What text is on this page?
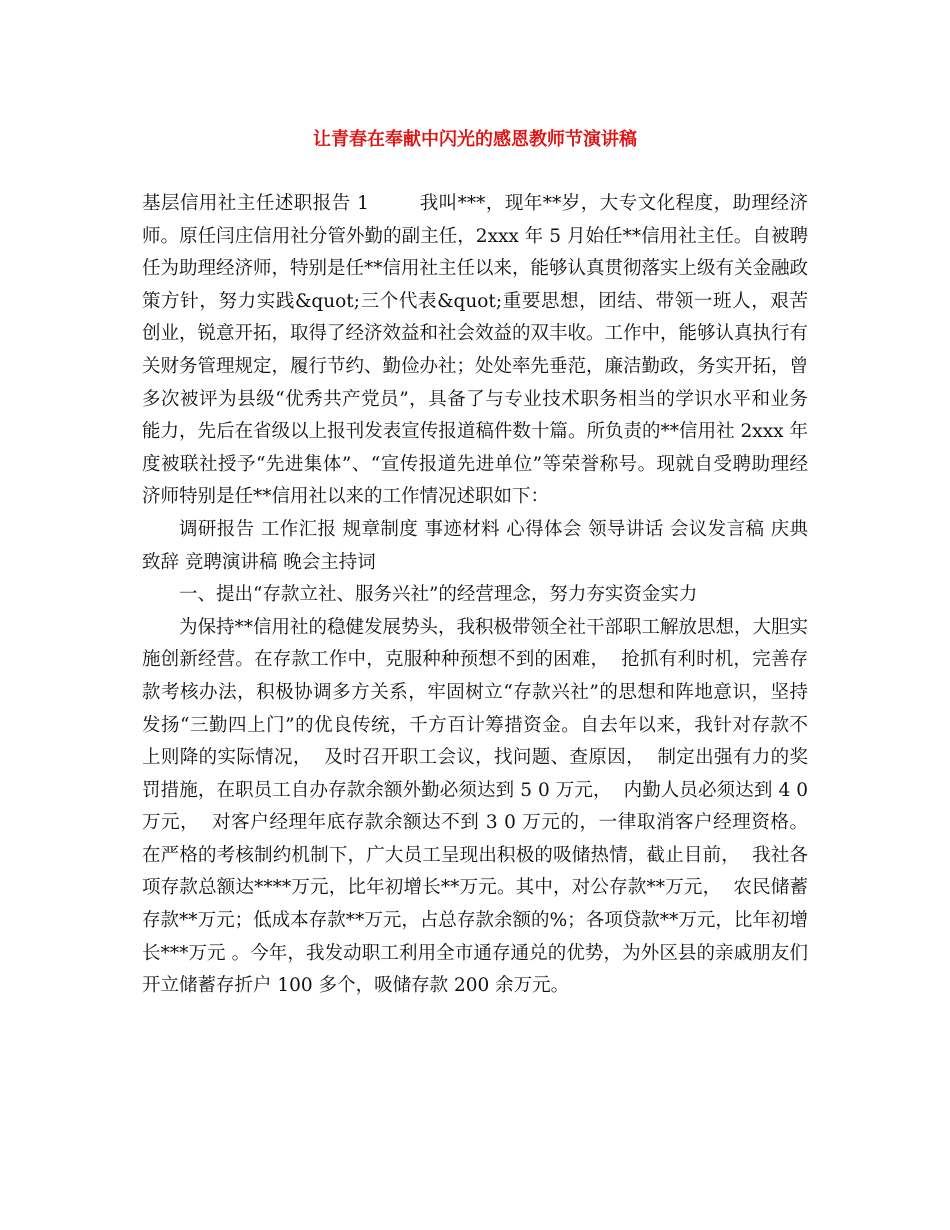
让青春在奉献中闪光的感恩教师节演讲稿

基层信用社主任述职报告 1        我叫***，现年**岁，大专文化程度，助理经济师。原任闫庄信用社分管外勤的副主任，2xxx 年 5 月始任**信用社主任。自被聘任为助理经济师，特别是任**信用社主任以来，能够认真贯彻落实上级有关金融政策方针，努力实践&quot;三个代表&quot;重要思想，团结、带领一班人，艰苦创业，锐意开拓，取得了经济效益和社会效益的双丰收。工作中，能够认真执行有关财务管理规定，履行节约、勤俭办社；处处率先垂范，廉洁勤政，务实开拓，曾多次被评为县级“优秀共产党员”，具备了与专业技术职务相当的学识水平和业务能力，先后在省级以上报刊发表宣传报道稿件数十篇。所负责的**信用社 2xxx 年度被联社授予“先进集体”、“宣传报道先进单位”等荣誉称号。现就自受聘助理经济师特别是任**信用社以来的工作情况述职如下：

调研报告 工作汇报 规章制度 事迹材料 心得体会 领导讲话 会议发言稿 庆典致辞 竞聘演讲稿 晚会主持词

一、提出“存款立社、服务兴社”的经营理念，努力夯实资金实力

为保持**信用社的稳健发展势头，我积极带领全社干部职工解放思想，大胆实施创新经营。在存款工作中，克服种种预想不到的困难，  抢抓有利时机，完善存款考核办法，积极协调多方关系，牢固树立“存款兴社”的思想和阵地意识，坚持发扬“三勤四上门”的优良传统，千方百计筹措资金。自去年以来，我针对存款不上则降的实际情况，  及时召开职工会议，找问题、查原因，  制定出强有力的奖罚措施，在职员工自办存款余额外勤必须达到 5 0 万元，  内勤人员必须达到 4 0 万元，  对客户经理年底存款余额达不到 3 0 万元的，一律取消客户经理资格。  在严格的考核制约机制下，广大员工呈现出积极的吸储热情，截止目前，  我社各项存款总额达****万元，比年初增长**万元。其中，对公存款**万元，  农民储蓄存款**万元；低成本存款**万元，占总存款余额的%；各项贷款**万元，比年初增长***万元 。今年，我发动职工利用全市通存通兑的优势，为外区县的亲戚朋友们开立储蓄存折户 100 多个，吸储存款 200 余万元。
